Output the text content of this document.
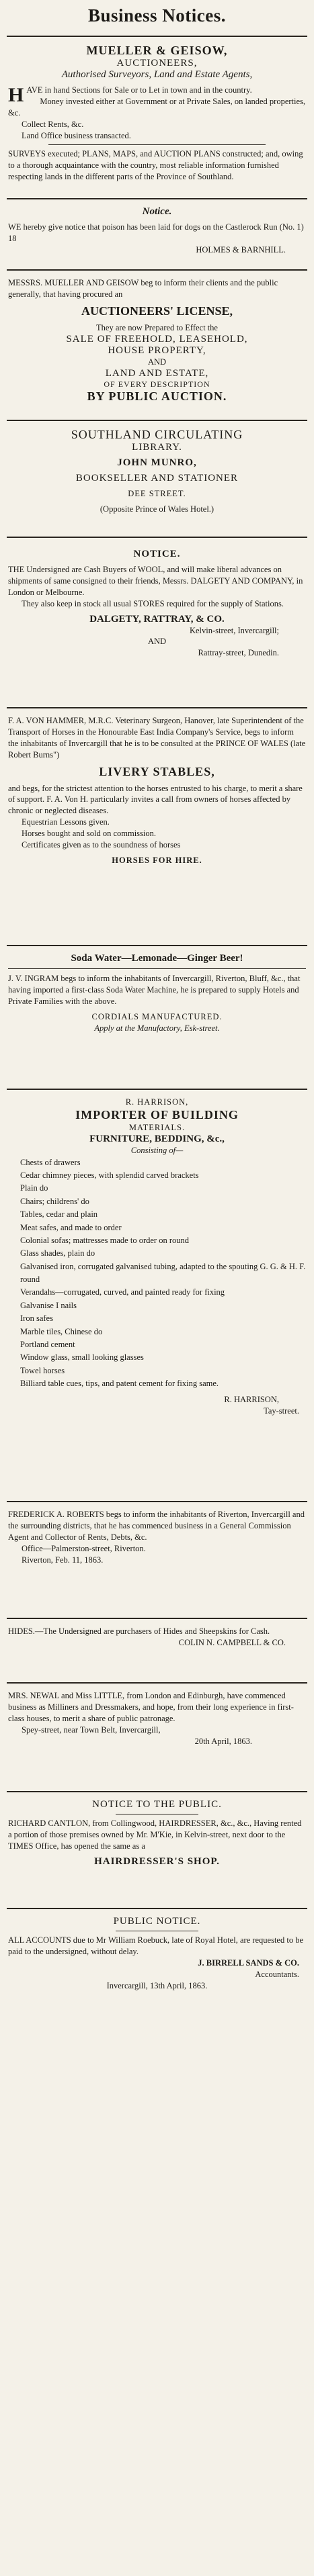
Business Notices.

MUELLER & GEISOW,

AUCTIONEERS,

Authorised Surveyors, Land and Estate Agents,

HAVE in hand Sections for Sale or to Let in town and in the country.

Money invested either at Government or at Private Sales, on landed properties, &c.

Collect Rents, &c.

Land Office business transacted.

SURVEYS executed; PLANS, MAPS, and AUCTION PLANS constructed; and, owing to a thorough acquaintance with the country, most reliable information furnished respecting lands in the different parts of the Province of Southland.

Notice.

WE hereby give notice that poison has been laid for dogs on the Castlerock Run (No. 1) 18

HOLMES & BARNHILL.

MESSRS. MUELLER AND GEISOW beg to inform their clients and the public generally, that having procured an

AUCTIONEERS' LICENSE,

They are now Prepared to Effect the

SALE OF FREEHOLD, LEASEHOLD,

HOUSE PROPERTY,

AND

LAND AND ESTATE,

OF EVERY DESCRIPTION

BY PUBLIC AUCTION.

SOUTHLAND CIRCULATING

LIBRARY.

JOHN MUNRO,

BOOKSELLER AND STATIONER

DEE STREET.

(Opposite Prince of Wales Hotel.)

NOTICE.

THE Undersigned are Cash Buyers of WOOL, and will make liberal advances on shipments of same consigned to their friends, Messrs. DALGETY AND COMPANY, in London or Melbourne.

They also keep in stock all usual STORES required for the supply of Stations.

DALGETY, RATTRAY, & CO.

Kelvin-street, Invercargill;

AND

Rattray-street, Dunedin.

F. A. VON HAMMER, M.R.C. Veterinary Surgeon, Hanover, late Superintendent of the Transport of Horses in the Honourable East India Company's Service, begs to inform the inhabitants of Invercargill that he is to be consulted at the PRINCE OF WALES (late Robert Burns")

LIVERY STABLES,

and begs, for the strictest attention to the horses entrusted to his charge, to merit a share of support. F. A. Von H. particularly invites a call from owners of horses affected by chronic or neglected diseases.

Equestrian Lessons given.

Horses bought and sold on commission.

Certificates given as to the soundness of horses

HORSES FOR HIRE.

Soda Water—Lemonade—Ginger Beer!

J. V. INGRAM begs to inform the inhabitants of Invercargill, Riverton, Bluff, &c., that having imported a first-class Soda Water Machine, he is prepared to supply Hotels and Private Families with the above.

CORDIALS MANUFACTURED.

Apply at the Manufactory, Esk-street.

R. HARRISON,

IMPORTER OF BUILDING

MATERIALS.

FURNITURE, BEDDING, &c.,

Consisting of—

Chests of drawers

Cedar chimney pieces, with splendid carved brackets

Plain do

Chairs; childrens' do

Tables, cedar and plain

Meat safes, and made to order

Colonial sofas; mattresses made to order on round

Glass shades, plain do

Galvanised iron, corrugated galvanised tubing, adapted to the spouting G. G. & H. F. round

Verandahs—corrugated, curved, and painted ready for fixing

Galvanise I nails

Iron safes

Marble tiles, Chinese do

Portland cement

Window glass, small looking glasses

Towel horses

Billiard table cues, tips, and patent cement for fixing same.

R. HARRISON,

Tay-street.

FREDERICK A. ROBERTS begs to inform the inhabitants of Riverton, Invercargill and the surrounding districts, that he has commenced business in a General Commission Agent and Collector of Rents, Debts, &c.

Office—Palmerston-street, Riverton.

Riverton, Feb. 11, 1863.

HIDES.—The Undersigned are purchasers of Hides and Sheepskins for Cash.

COLIN N. CAMPBELL & CO.

MRS. NEWAL and Miss LITTLE, from London and Edinburgh, have commenced business as Milliners and Dressmakers, and hope, from their long experience in first-class houses, to merit a share of public patronage.

Spey-street, near Town Belt, Invercargill,

20th April, 1863.

NOTICE TO THE PUBLIC.

RICHARD CANTLON, from Collingwood, HAIRDRESSER, &c., &c., Having rented a portion of those premises owned by Mr. M'Kie, in Kelvin-street, next door to the TIMES Office, has opened the same as a

HAIRDRESSER'S SHOP.

PUBLIC NOTICE.

ALL ACCOUNTS due to Mr William Roebuck, late of Royal Hotel, are requested to be paid to the undersigned, without delay.

J. BIRRELL SANDS & CO.

Accountants.

Invercargill, 13th April, 1863.
